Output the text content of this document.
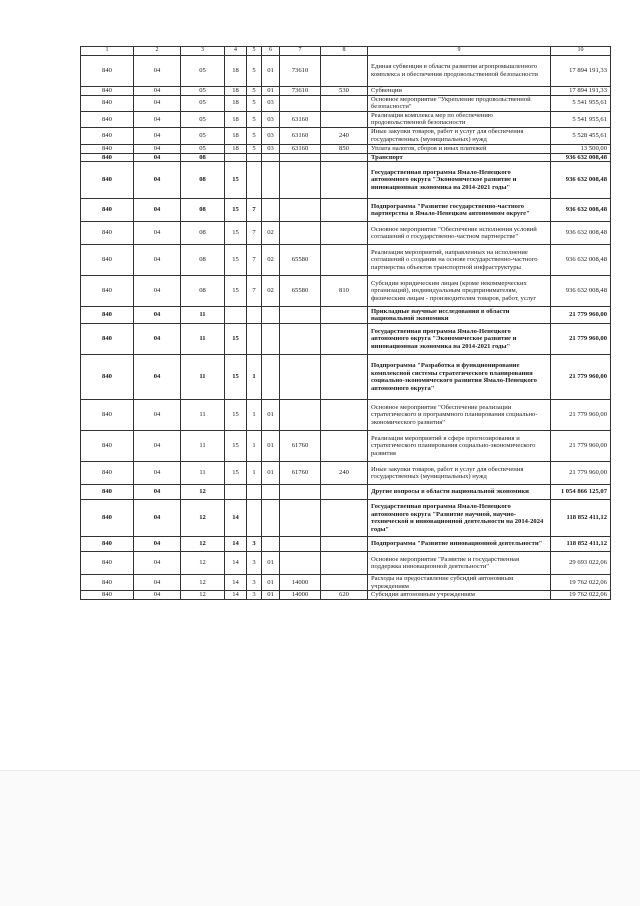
1	2	3	4	5	6	7	8	9	10
840	04	05	18	5	01	73610		Единая субвенция в области развития агропромышленного комплекса и обеспечения продовольственной безопасности	17 894 191,33
840	04	05	18	5	01	73610	530	Субвенции	17 894 191,33
840	04	05	18	5	03			Основное мероприятие "Укрепление продовольственной безопасности"	5 541 955,61
840	04	05	18	5	03	63160		Реализация комплекса мер по обеспечению продовольственной безопасности	5 541 955,61
840	04	05	18	5	03	63160	240	Иные закупки товаров, работ и услуг для обеспечения государственных (муниципальных) нужд	5 528 455,61
840	04	05	18	5	03	63160	850	Уплата налогов, сборов и иных платежей	13 500,00
840	04	08						Транспорт	936 632 008,48
840	04	08	15					Государственная программа Ямало-Ненецкого автономного округа "Экономическое развитие и инновационная экономика на 2014-2021 годы"	936 632 008,48
840	04	08	15	7				Подпрограмма "Развитие государственно-частного партнерства в Ямало-Ненецком автономном округе"	936 632 008,48
840	04	08	15	7	02			Основное мероприятие "Обеспечение исполнения условий соглашений о государственно-частном партнерстве"	936 632 008,48
840	04	08	15	7	02	65580		Реализация мероприятий, направленных на исполнение соглашений о создании на основе государственно-частного партнерства объектов транспортной инфраструктуры	936 632 008,48
840	04	08	15	7	02	65580	810	Субсидии юридическим лицам (кроме некоммерческих организаций), индивидуальным предпринимателям, физическим лицам - производителям товаров, работ, услуг	936 632 008,48
840	04	11						Прикладные научные исследования в области национальной экономики	21 779 960,00
840	04	11	15					Государственная программа Ямало-Ненецкого автономного округа "Экономическое развитие и инновационная экономика на 2014-2021 годы"	21 779 960,00
840	04	11	15	1				Подпрограмма "Разработка и функционирование комплексной системы стратегического планирования социально-экономического развития Ямало-Ненецкого автономного округа"	21 779 960,00
840	04	11	15	1	01			Основное мероприятие "Обеспечение реализации стратегического и программного планирования социально-экономического развития"	21 779 960,00
840	04	11	15	1	01	61760		Реализация мероприятий в сфере прогнозирования и стратегического планирования социально-экономического развития	21 779 960,00
840	04	11	15	1	01	61760	240	Иные закупки товаров, работ и услуг для обеспечения государственных (муниципальных) нужд	21 779 960,00
840	04	12						Другие вопросы в области национальной экономики	1 054 866 125,07
840	04	12	14					Государственная программа Ямало-Ненецкого автономного округа "Развитие научной, научно-технической и инновационной деятельности на 2014-2024 годы"	118 852 411,12
840	04	12	14	3				Подпрограмма "Развитие инновационной деятельности"	118 852 411,12
840	04	12	14	3	01			Основное мероприятие "Развитие и государственная поддержка инновационной деятельности"	29 693 022,06
840	04	12	14	3	01	14000		Расходы на предоставление субсидий автономным учреждениям	19 762 022,06
840	04	12	14	3	01	14000	620	Субсидии автономным учреждениям	19 762 022,06
